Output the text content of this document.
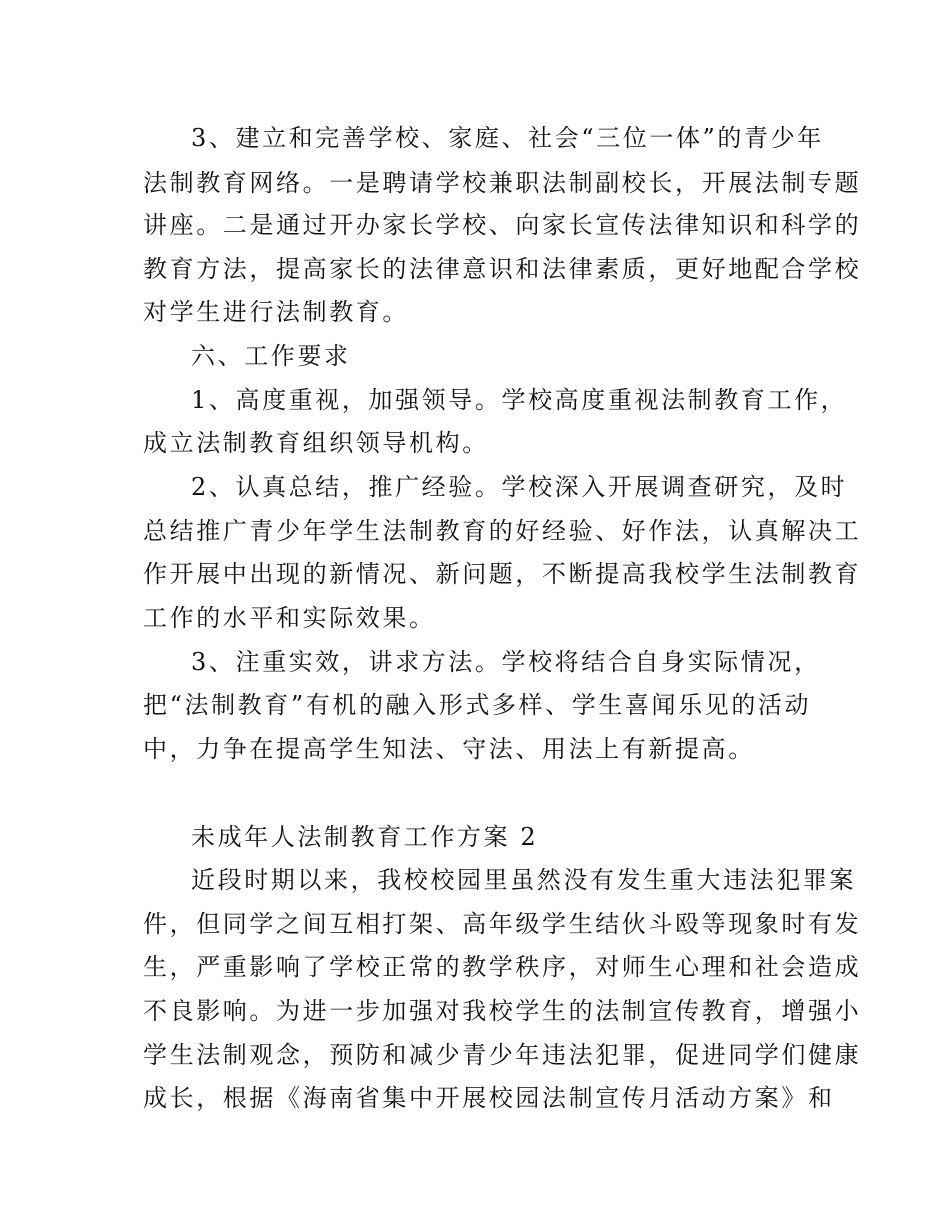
3、建立和完善学校、家庭、社会“三位一体”的青少年
法制教育网络。一是聘请学校兼职法制副校长，开展法制专题
讲座。二是通过开办家长学校、向家长宣传法律知识和科学的
教育方法，提高家长的法律意识和法律素质，更好地配合学校
对学生进行法制教育。
六、工作要求
1、高度重视，加强领导。学校高度重视法制教育工作，
成立法制教育组织领导机构。
2、认真总结，推广经验。学校深入开展调查研究，及时
总结推广青少年学生法制教育的好经验、好作法，认真解决工
作开展中出现的新情况、新问题，不断提高我校学生法制教育
工作的水平和实际效果。
3、注重实效，讲求方法。学校将结合自身实际情况，
把“法制教育”有机的融入形式多样、学生喜闻乐见的活动
中，力争在提高学生知法、守法、用法上有新提高。
未成年人法制教育工作方案 2
近段时期以来，我校校园里虽然没有发生重大违法犯罪案
件，但同学之间互相打架、高年级学生结伙斗殴等现象时有发
生，严重影响了学校正常的教学秩序，对师生心理和社会造成
不良影响。为进一步加强对我校学生的法制宣传教育，增强小
学生法制观念，预防和减少青少年违法犯罪，促进同学们健康
成长，根据《海南省集中开展校园法制宣传月活动方案》和
